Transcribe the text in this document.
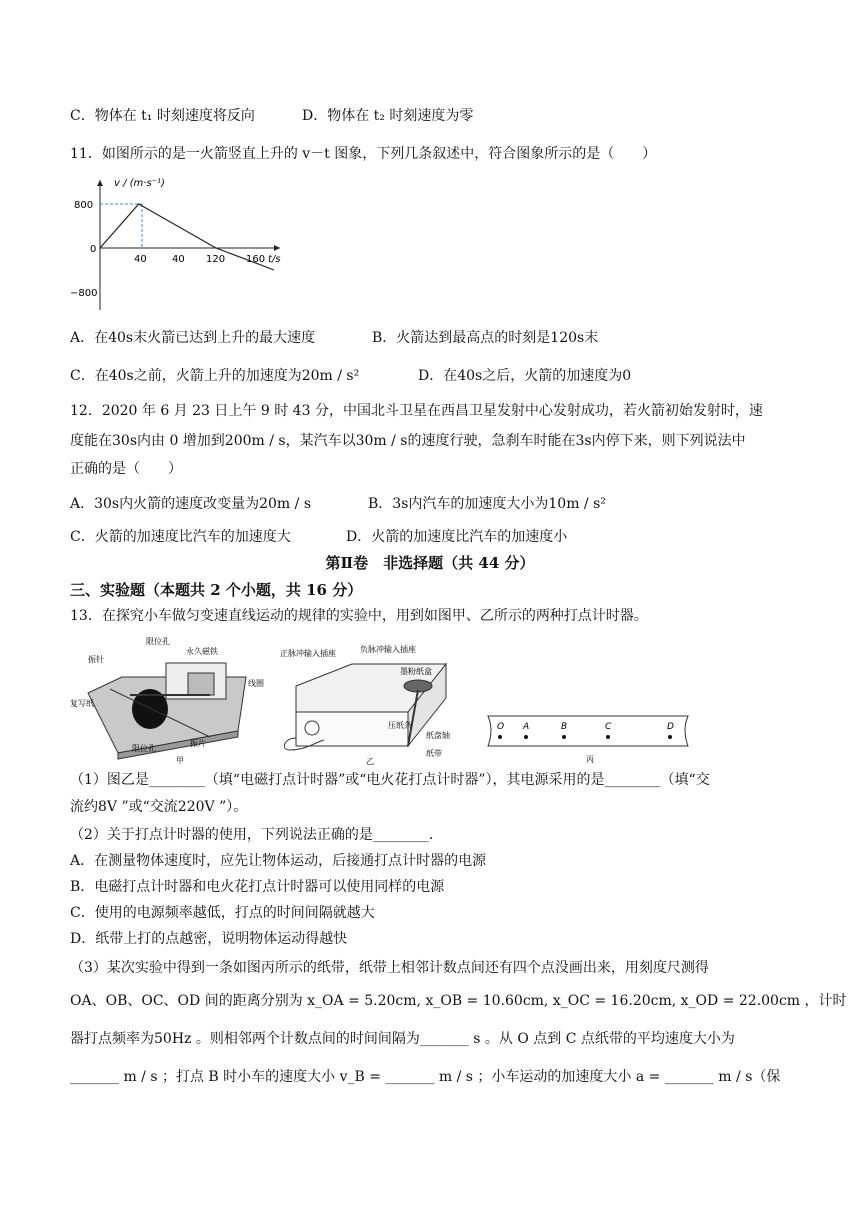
C．物体在 t₁ 时刻速度将反向	D．物体在 t₂ 时刻速度为零
11．如图所示的是一火箭竖直上升的 v－t 图象，下列几条叙述中，符合图象所示的是（　　）
v / (m·s⁻¹)
t/s
800
0
−800
40	40 120 160
A．在40s末火箭已达到上升的最大速度	B．火箭达到最高点的时刻是120s末
C．在40s之前，火箭上升的加速度为20m / s²	D．在40s之后，火箭的加速度为0
12．2020 年 6 月 23 日上午 9 时 43 分，中国北斗卫星在西昌卫星发射中心发射成功，若火箭初始发射时，速
度能在30s内由 0 增加到200m / s，某汽车以30m / s的速度行驶，急刹车时能在3s内停下来，则下列说法中
正确的是（　　）
A．30s内火箭的速度改变量为20m / s	B．3s内汽车的加速度大小为10m / s²
C．火箭的加速度比汽车的加速度大	D．火箭的加速度比汽车的加速度小
第Ⅱ卷　非选择题（共 44 分）
三、实验题（本题共 2 个小题，共 16 分）
13．在探究小车做匀变速直线运动的规律的实验中，用到如图甲、乙所示的两种打点计时器。
振针
限位孔
永久磁铁
线圈
复写纸
限位孔
振片
甲
正脉冲输入插座	负脉冲输入插座
墨粉纸盒
压纸条
纸盘轴
纸带
乙
O A	B	C	D
丙
（1）图乙是________（填“电磁打点计时器”或“电火花打点计时器”），其电源采用的是________（填“交
流约8V ”或“交流220V ”）。
（2）关于打点计时器的使用，下列说法正确的是________.
A．在测量物体速度时，应先让物体运动，后接通打点计时器的电源
B．电磁打点计时器和电火花打点计时器可以使用同样的电源
C．使用的电源频率越低，打点的时间间隔就越大
D．纸带上打的点越密，说明物体运动得越快
（3）某次实验中得到一条如图丙所示的纸带，纸带上相邻计数点间还有四个点没画出来，用刻度尺测得
OA、OB、OC、OD 间的距离分别为 x_OA = 5.20cm, x_OB = 10.60cm, x_OC = 16.20cm, x_OD = 22.00cm ，计时
器打点频率为50Hz 。则相邻两个计数点间的时间间隔为_______ s 。从 O 点到 C 点纸带的平均速度大小为
_______ m / s ；打点 B 时小车的速度大小 v_B = _______ m / s ；小车运动的加速度大小 a = _______ m / s（保
